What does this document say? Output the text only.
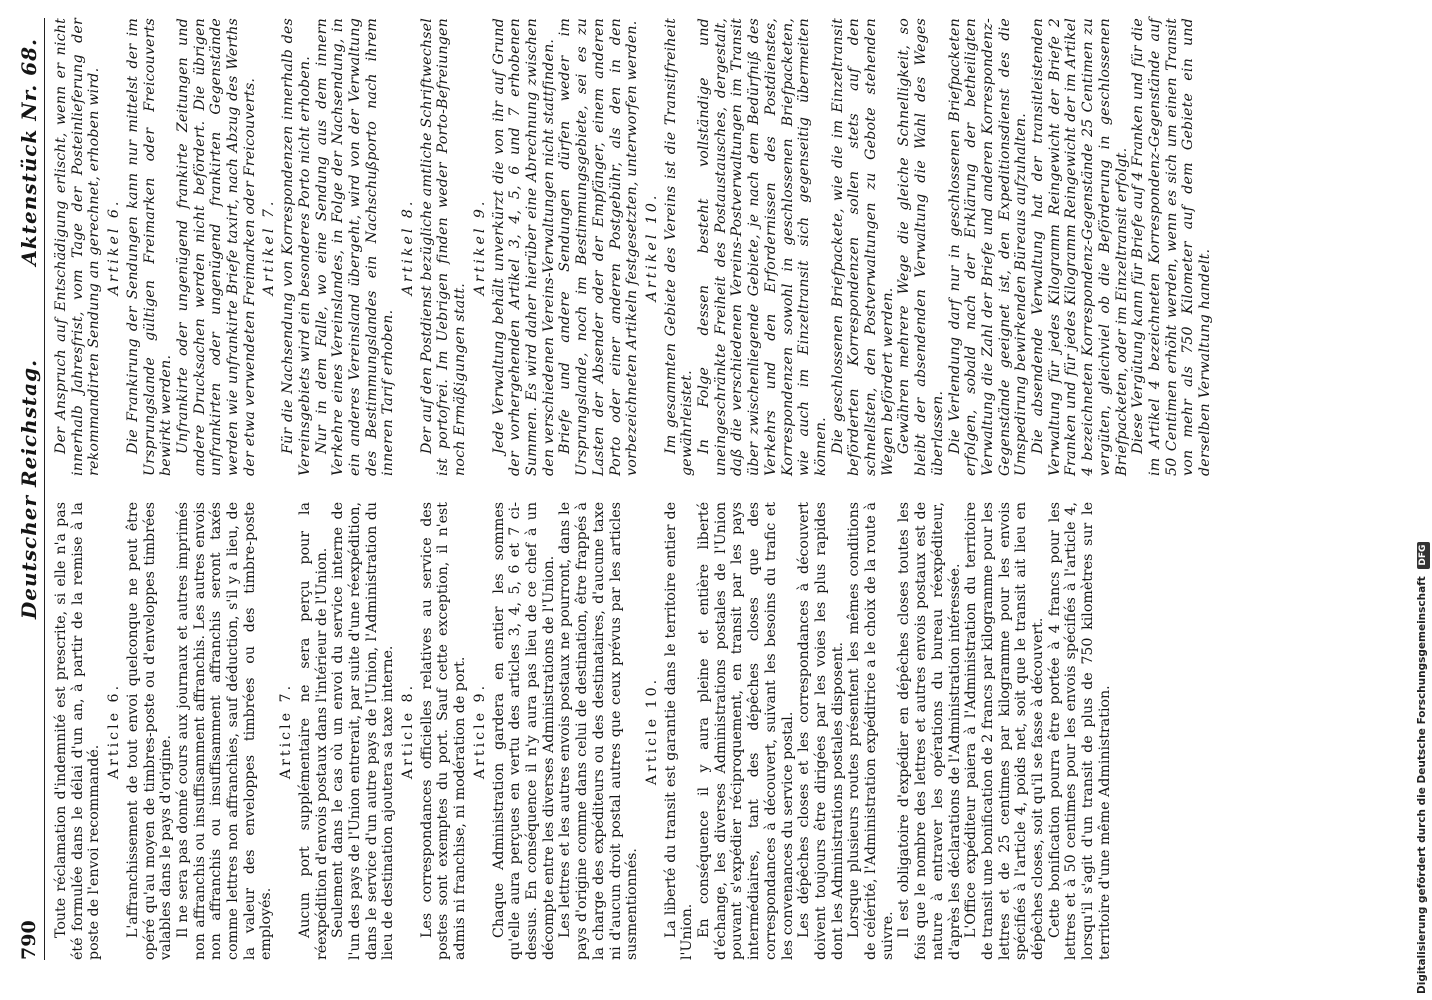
790
Deutscher Reichstag.
Aktenstück Nr. 68.

Toute réclamation d'indemnité est prescrite, si elle n'a pas été formulée dans le délai d'un an, à partir de la remise à la poste de l'envoi recommandé.

Article 6. L'affranchissement de tout envoi quelconque ne peut être opéré qu'au moyen de timbres-poste ou d'enveloppes timbrées valables dans le pays d'origine. Il ne sera pas donné cours aux journaux et autres imprimés non affranchis ou insuffisamment affranchis. Les autres envois non affranchis ou insuffisamment affranchis seront taxés comme lettres non affranchies, sauf déduction, s'il y a lieu, de la valeur des enveloppes timbrées ou des timbre-poste employés.

Article 7. Aucun port supplémentaire ne sera perçu pour la réexpédition d'envois postaux dans l'intérieur de l'Union. Seulement dans le cas où un envoi du service interne de l'un des pays de l'Union entrerait, par suite d'une réexpédition, dans le service d'un autre pays de l'Union, l'Administration du lieu de destination ajoutera sa taxe interne. Article 8. Les correspondances officielles relatives au service des postes sont exemptes du port. Sauf cette exception, il n'est admis ni franchise, ni modération de port. Article 9. Chaque Administration gardera en entier les sommes qu'elle aura perçues en vertu des articles 3, 4, 5, 6 et 7 ci-dessus. En conséquence il n'y aura pas lieu de ce chef à un décompte entre les diverses Administrations de l'Union. Les lettres et les autres envois postaux ne pourront, dans le pays d'origine comme dans celui de destination, être frappés à la charge des expéditeurs ou des destinataires, d'aucune taxe ni d'aucun droit postal autres que ceux prévus par les articles susmentionnés.

Article 10. La liberté du transit est garantie dans le territoire entier de l'Union. En conséquence il y aura pleine et entière liberté d'échange, les diverses Administrations postales de l'Union pouvant s'expédier réciproquement, en transit par les pays intermédiaires, tant des dépêches closes que des correspondances à découvert, suivant les besoins du trafic et les convenances du service postal. Les dépêches closes et les correspondances à découvert doivent toujours être dirigées par les voies les plus rapides dont les Administrations postales disposent. Lorsque plusieurs routes présentent les mêmes conditions de célérité, l'Administration expéditrice a le choix de la route à suivre. Il est obligatoire d'expédier en dépêches closes toutes les fois que le nombre des lettres et autres envois postaux est de nature à entraver les opérations du bureau réexpéditeur, d'après les déclarations de l'Administration intéressée. L'Office expéditeur paiera à l'Administration du territoire de transit une bonification de 2 francs par kilogramme pour les lettres et de 25 centimes par kilogramme pour les envois spécifiés à l'article 4, poids net, soit que le transit ait lieu en dépêches closes, soit qu'il se fasse à découvert. Cette bonification pourra être portée à 4 francs pour les lettres et à 50 centimes pour les envois spécifiés à l'article 4, lorsqu'il s'agit d'un transit de plus de 750 kilomètres sur le territoire d'une même Administration.

Der Anspruch auf Entschädigung erlischt, wenn er nicht innerhalb Jahresfrist, vom Tage der Posteinlieferung der rekommandirten Sendung an gerechnet, erhoben wird. Artikel 6. Die Frankirung der Sendungen kann nur mittelst der im Ursprungslande gültigen Freimarken oder Freicouverts bewirkt werden. Unfrankirte oder ungenügend frankirte Zeitungen und andere Drucksachen werden nicht befördert. Die übrigen unfrankirten oder ungenügend frankirten Gegenstände werden wie unfrankirte Briefe taxirt, nach Abzug des Werths der etwa verwendeten Freimarken oder Freicouverts. Artikel 7. Für die Nachsendung von Korrespondenzen innerhalb des Vereinsgebiets wird ein besonderes Porto nicht erhoben. Nur in dem Falle, wo eine Sendung aus dem innern Verkehre eines Vereinslandes, in Folge der Nachsendung, in ein anderes Vereinsland übergeht, wird von der Verwaltung des Bestimmungslandes ein Nachschußporto nach ihrem inneren Tarif erhoben.

Artikel 8. Der auf den Postdienst bezügliche amtliche Schriftwechsel ist portofrei. Im Uebrigen finden weder Porto-Befreiungen noch Ermäßigungen statt.

Artikel 9. Jede Verwaltung behält unverkürzt die von ihr auf Grund der vorhergehenden Artikel 3, 4, 5, 6 und 7 erhobenen Summen. Es wird daher hierüber eine Abrechnung zwischen den verschiedenen Vereins-Verwaltungen nicht stattfinden. Briefe und andere Sendungen dürfen weder im Ursprungslande, noch im Bestimmungsgebiete, sei es zu Lasten der Absender oder der Empfänger, einem anderen Porto oder einer anderen Postgebühr, als den in den vorbezeichneten Artikeln festgesetzten, unterworfen werden. Artikel 10. Im gesammten Gebiete des Vereins ist die Transitfreiheit gewährleistet. In Folge dessen besteht vollständige und uneingeschränkte Freiheit des Postaustausches, dergestalt, daß die verschiedenen Vereins-Postverwaltungen im Transit über zwischenliegende Gebiete, je nach dem Bedürfniß des Verkehrs und den Erfordernissen des Postdienstes, Korrespondenzen sowohl in geschlossenen Briefpacketen, wie auch im Einzeltransit sich gegenseitig übermeiten können. Die geschlossenen Briefpackete, wie die im Einzeltransit beförderten Korrespondenzen sollen stets auf den schnellsten, den Postverwaltungen zu Gebote stehenden Wegen befördert werden. Gewähren mehrere Wege die gleiche Schnelligkeit, so bleibt der absendenden Verwaltung die Wahl des Weges überlassen. Die Verlendung darf nur in geschlossenen Briefpacketen erfolgen, sobald nach der Erklärung der betheiligten Verwaltung die Zahl der Briefe und anderen Korrespondenz-Gegenstände geeignet ist, den Expeditionsdienst des die Umspedirung bewirkenden Büreaus aufzuhalten. Die absendende Verwaltung hat der transitleistenden Verwaltung für jedes Kilogramm Reingewicht der Briefe 2 Franken und für jedes Kilogramm Reingewicht der im Artikel 4 bezeichneten Korrespondenz-Gegenstände 25 Centimen zu vergüten, gleichviel ob die Beförderung in geschlossenen Briefpacketen, oder im Einzeltransit erfolgt. Diese Vergütung kann für Briefe auf 4 Franken und für die im Artikel 4 bezeichneten Korrespondenz-Gegenstände auf 50 Centimen erhöht werden, wenn es sich um einen Transit von mehr als 750 Kilometer auf dem Gebiete ein und derselben Verwaltung handelt.

Digitalisierung gefördert durch die Deutsche Forschungsgemeinschaft DFG
